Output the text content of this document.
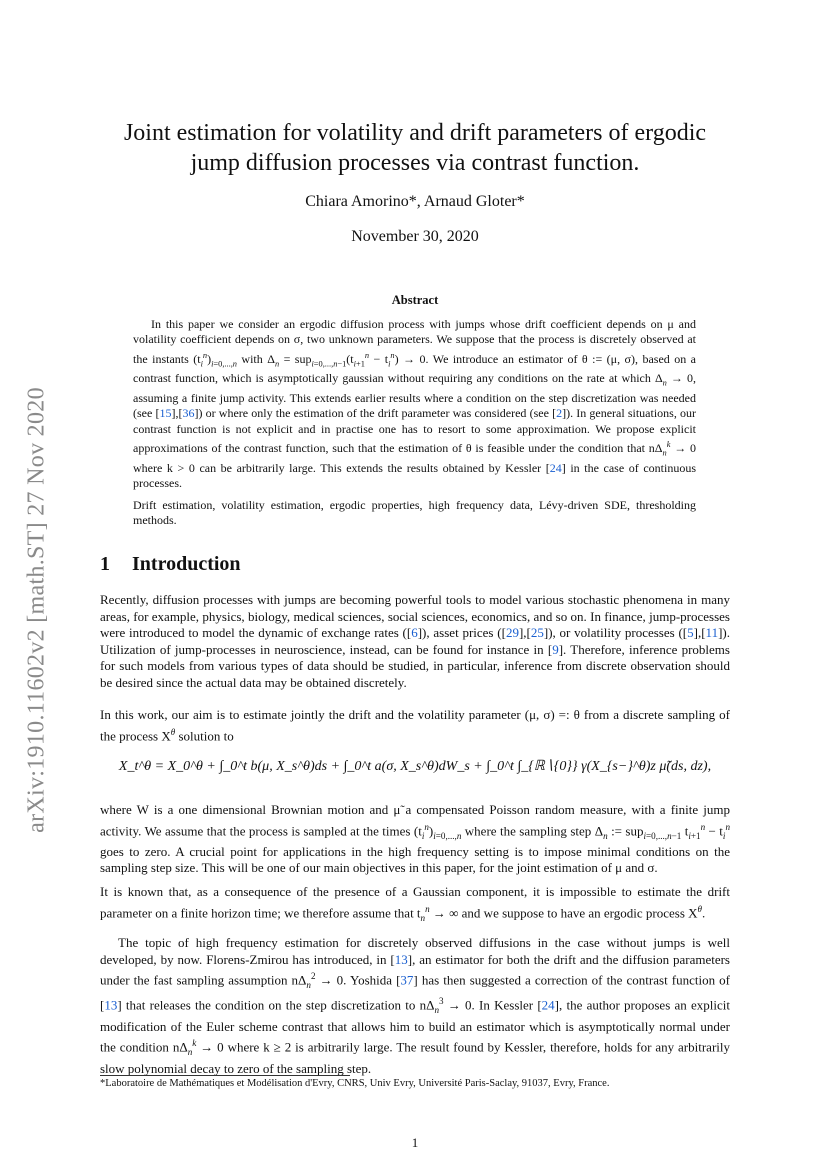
arXiv:1910.11602v2 [math.ST] 27 Nov 2020
Joint estimation for volatility and drift parameters of ergodic
jump diffusion processes via contrast function.
Chiara Amorino*, Arnaud Gloter*
November 30, 2020
Abstract
In this paper we consider an ergodic diffusion process with jumps whose drift coefficient depends on μ and volatility coefficient depends on σ, two unknown parameters. We suppose that the process is discretely observed at the instants $(t_i^n)_{i=0,...,n}$ with $\Delta_n = sup_{i=0,...,n-1}(t_{i+1}^n - t_i^n) \to 0$. We introduce an estimator of θ := (μ, σ), based on a contrast function, which is asymptotically gaussian without requiring any conditions on the rate at which $\Delta_n \to 0$, assuming a finite jump activity. This extends earlier results where a condition on the step discretization was needed (see [15],[36]) or where only the estimation of the drift parameter was considered (see [2]). In general situations, our contrast function is not explicit and in practise one has to resort to some approximation. We propose explicit approximations of the contrast function, such that the estimation of θ is feasible under the condition that $n\Delta_n^k \to 0$ where k > 0 can be arbitrarily large. This extends the results obtained by Kessler [24] in the case of continuous processes.
Drift estimation, volatility estimation, ergodic properties, high frequency data, Lévy-driven SDE, thresholding methods.
1 Introduction
Recently, diffusion processes with jumps are becoming powerful tools to model various stochastic phenomena in many areas, for example, physics, biology, medical sciences, social sciences, economics, and so on. In finance, jump-processes were introduced to model the dynamic of exchange rates ([6]), asset prices ([29],[25]), or volatility processes ([5],[11]). Utilization of jump-processes in neuroscience, instead, can be found for instance in [9]. Therefore, inference problems for such models from various types of data should be studied, in particular, inference from discrete observation should be desired since the actual data may be obtained discretely.
In this work, our aim is to estimate jointly the drift and the volatility parameter (μ, σ) =: θ from a discrete sampling of the process $X^\theta$ solution to
X_t^θ = X_0^θ + ∫_0^t b(μ, X_s^θ)ds + ∫_0^t a(σ, X_s^θ)dW_s + ∫_0^t ∫_{ℝ∖{0}} γ(X_{s−}^θ)z μ̃(ds, dz),
where W is a one dimensional Brownian motion and μ̃ a compensated Poisson random measure, with a finite jump activity. We assume that the process is sampled at the times $(t_i^n)_{i=0,...,n}$ where the sampling step $\Delta_n$ := sup$_{i=0,...,n-1}$ $t_{i+1}^n - t_i^n$ goes to zero. A crucial point for applications in the high frequency setting is to impose minimal conditions on the sampling step size. This will be one of our main objectives in this paper, for the joint estimation of μ and σ.
It is known that, as a consequence of the presence of a Gaussian component, it is impossible to estimate the drift parameter on a finite horizon time; we therefore assume that $t_n^n$ → ∞ and we suppose to have an ergodic process $X^\theta$.
The topic of high frequency estimation for discretely observed diffusions in the case without jumps is well developed, by now. Florens-Zmirou has introduced, in [13], an estimator for both the drift and the diffusion parameters under the fast sampling assumption $n\Delta_n^2 \to 0$. Yoshida [37] has then suggested a correction of the contrast function of [13] that releases the condition on the step discretization to $n\Delta_n^3 \to 0$. In Kessler [24], the author proposes an explicit modification of the Euler scheme contrast that allows him to build an estimator which is asymptotically normal under the condition $n\Delta_n^k \to 0$ where k ≥ 2 is arbitrarily large. The result found by Kessler, therefore, holds for any arbitrarily slow polynomial decay to zero of the sampling step.
*Laboratoire de Mathématiques et Modélisation d'Evry, CNRS, Univ Evry, Université Paris-Saclay, 91037, Evry, France.
1
